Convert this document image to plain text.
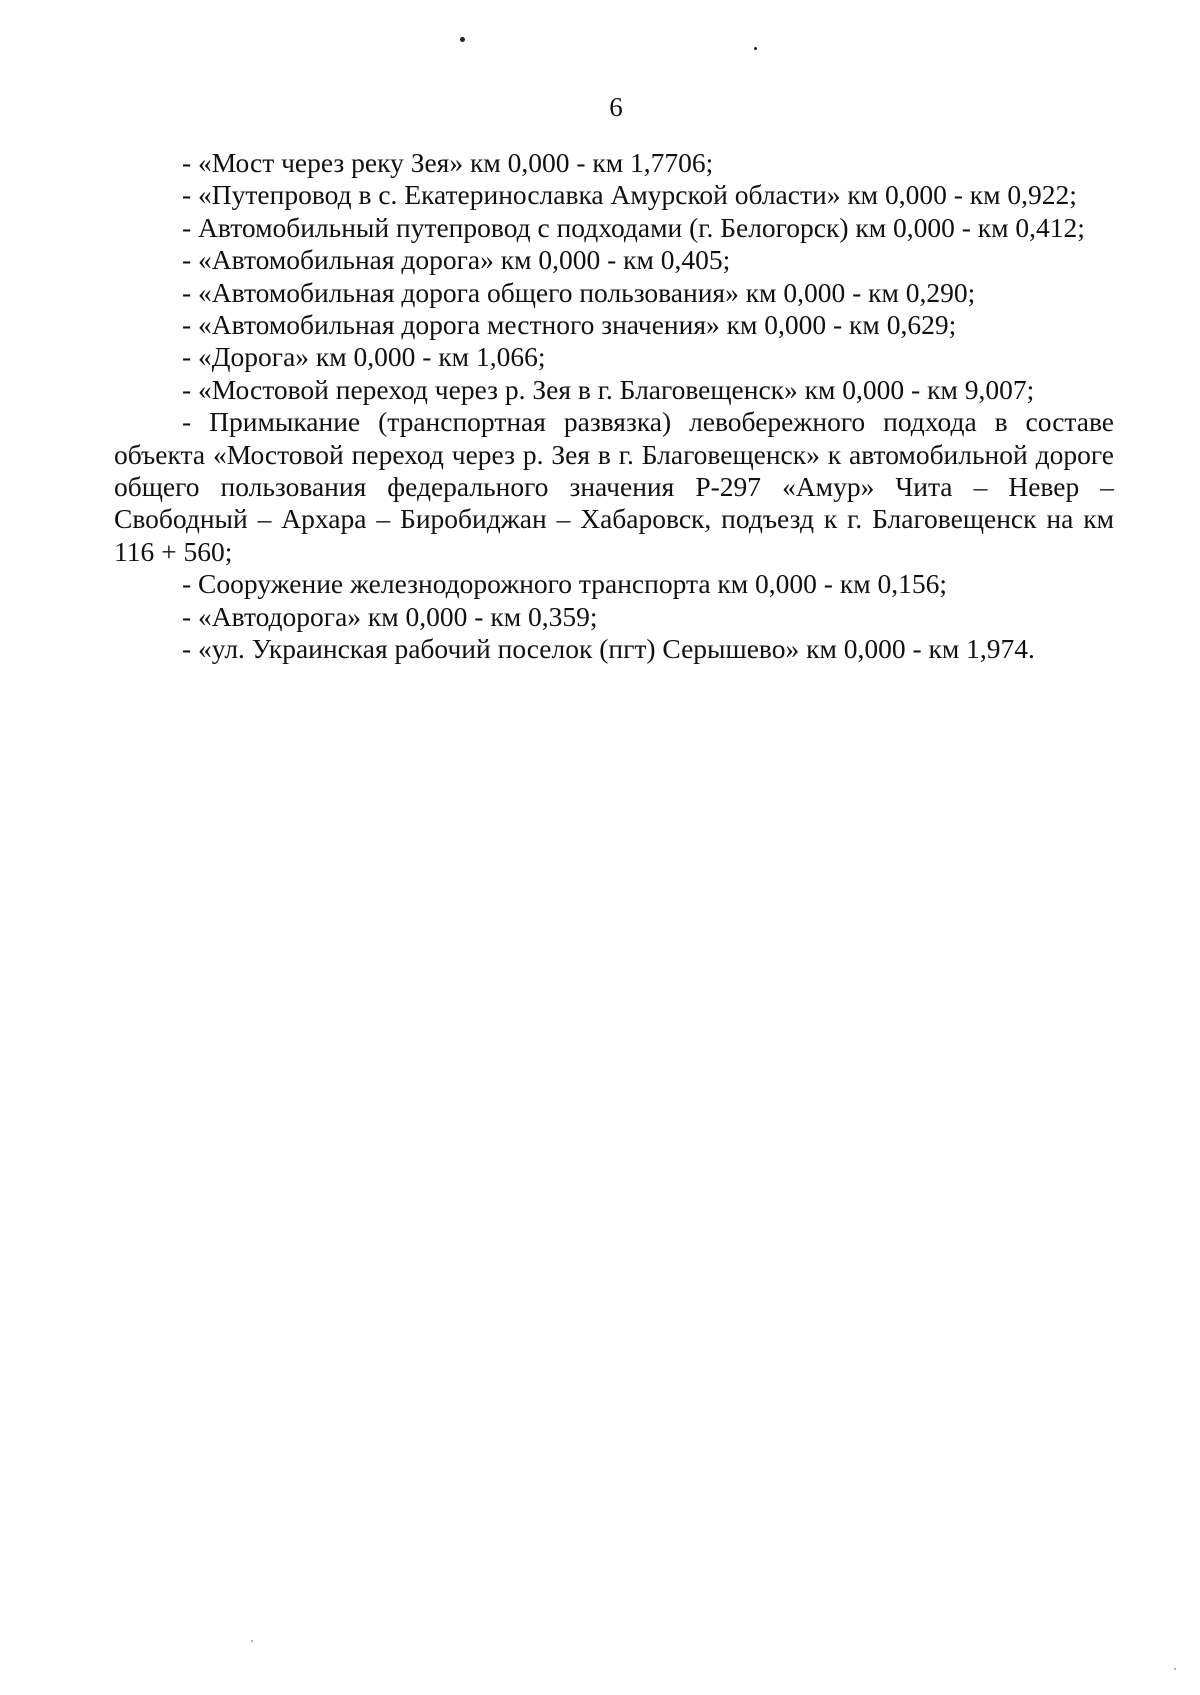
6

- «Мост через реку Зея» км 0,000 - км 1,7706;

- «Путепровод в с. Екатеринославка Амурской области» км 0,000 - км 0,922;

- Автомобильный путепровод с подходами (г. Белогорск) км 0,000 - км 0,412;

- «Автомобильная дорога» км 0,000 - км 0,405;

- «Автомобильная дорога общего пользования» км 0,000 - км 0,290;

- «Автомобильная дорога местного значения» км 0,000 - км 0,629;

- «Дорога» км 0,000 - км 1,066;

- «Мостовой переход через р. Зея в г. Благовещенск» км 0,000 - км 9,007;

- Примыкание (транспортная развязка) левобережного подхода в составе объекта «Мостовой переход через р. Зея в г. Благовещенск» к автомобильной дороге общего пользования федерального значения Р-297 «Амур» Чита – Невер – Свободный – Архара – Биробиджан – Хабаровск, подъезд к г. Благовещенск на км 116 + 560;

- Сооружение железнодорожного транспорта км 0,000 - км 0,156;

- «Автодорога» км 0,000 - км 0,359;

- «ул. Украинская рабочий поселок (пгт) Серышево» км 0,000 - км 1,974.
